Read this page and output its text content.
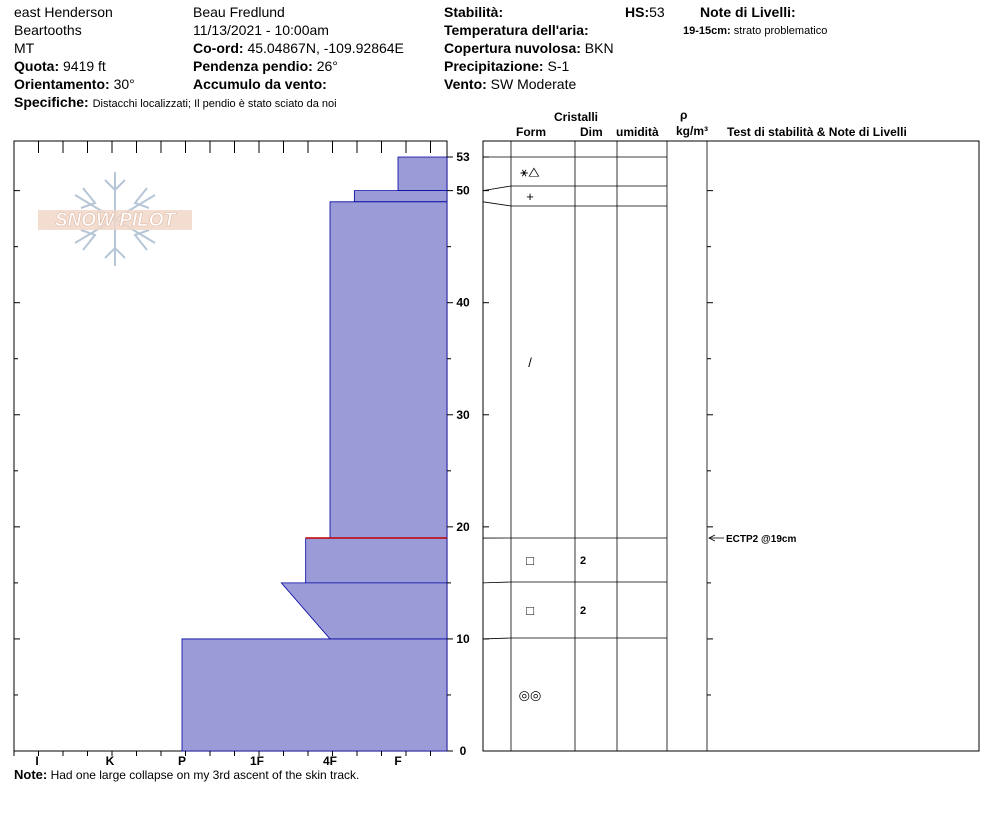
east Henderson
Beartooths
MT
Quota: 9419 ft
Orientamento: 30°
Specifiche: Distacchi localizzati; Il pendio è stato sciato da noi
Beau Fredlund
11/13/2021 - 10:00am
Co-ord: 45.04867N, -109.92864E
Pendenza pendio: 26°
Accumulo da vento:
Stabilità:
Temperatura dell'aria:
Copertura nuvolosa: BKN
Precipitazione: S-1
Vento: SW Moderate
HS:53	Note di Livelli:
19-15cm: strato problematico
Cristalli
Form	Dim umidità
ρ
kg/m³ Test di stabilità & Note di Livelli
SNOW PILOT
I	K	P	1F	4F	F
0
10
20
30
40
50
53
⚹△
+
/
□	2
□	2
◎◎
ECTP2 @19cm
Note: Had one large collapse on my 3rd ascent of the skin track.
